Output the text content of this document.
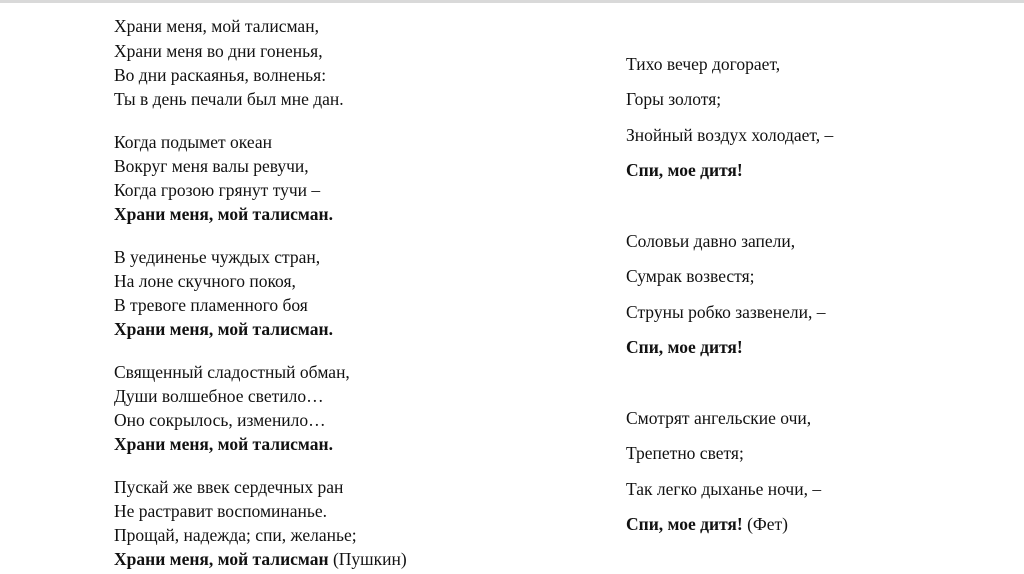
Храни меня, мой талисман,
Храни меня во дни гоненья,
Во дни раскаянья, волненья:
Ты в день печали был мне дан.
Когда подымет океан
Вокруг меня валы ревучи,
Когда грозою грянут тучи –
Храни меня, мой талисман.
В уединенье чуждых стран,
На лоне скучного покоя,
В тревоге пламенного боя
Храни меня, мой талисман.
Священный сладостный обман,
Души волшебное светило…
Оно сокрылось, изменило…
Храни меня, мой талисман.
Пускай же ввек сердечных ран
Не растравит воспоминанье.
Прощай, надежда; спи, желанье;
Храни меня, мой талисман (Пушкин)
Тихо вечер догорает,
Горы золотя;
Знойный воздух холодает, –
Спи, мое дитя!
Соловьи давно запели,
Сумрак возвестя;
Струны робко зазвенели, –
Спи, мое дитя!
Смотрят ангельские очи,
Трепетно светя;
Так легко дыханье ночи, –
Спи, мое дитя! (Фет)
